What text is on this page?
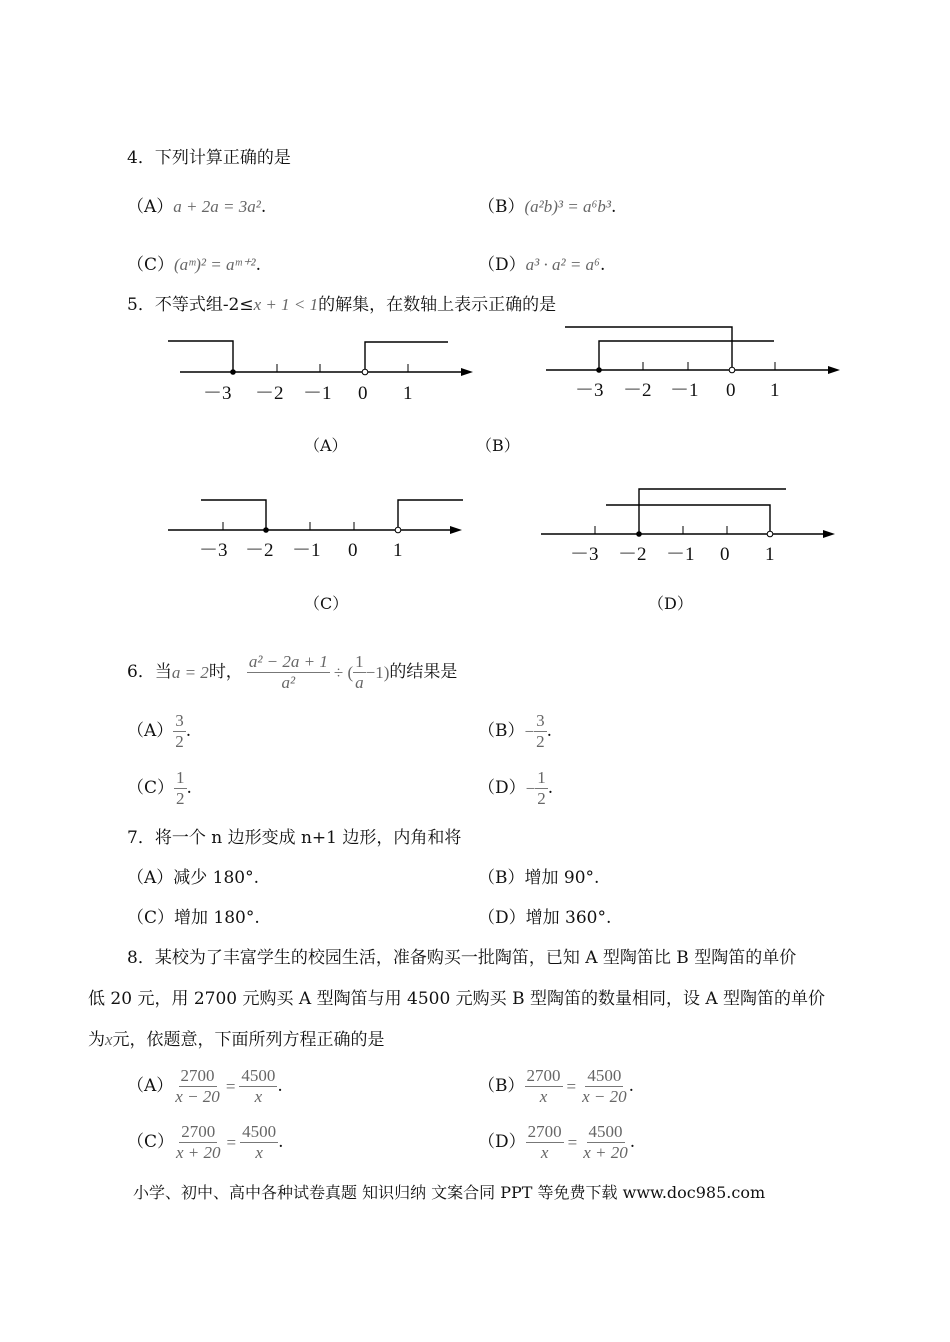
4．下列计算正确的是
（A）a + 2a = 3a².	（B）(a²b)³ = a⁶b³.
（C）(aᵐ)² = aᵐ⁺².	（D）a³ · a² = a⁶.
5．不等式组-2≤x + 1 < 1的解集，在数轴上表示正确的是
－3 －2 －1 0 1	－3 －2 －1 0 1
（A）	（B）
－3 －2 －1 0 1	－3 －2 －1 0 1
（C）	（D）
6．当 a = 2 时， $\frac{\text{a² − 2a + 1}}{\text{a²}}$ ÷ ( $\frac{1}{a} -1$) 的结果是
$(A) \frac{3}{2}$ .	$(B) - \frac{3}{2}$ .
$(C) \frac{1}{2}$ .	$(D) - \frac{1}{2}$ .
7．将一个 n 边形变成 n+1 边形，内角和将
（A）减少 180°.	（B）增加 90°.
（C）增加 180°.	（D）增加 360°.
8．某校为了丰富学生的校园生活，准备购买一批陶笛，已知 A 型陶笛比 B 型陶笛的单价
低 20 元，用 2700 元购买 A 型陶笛与用 4500 元购买 B 型陶笛的数量相同，设 A 型陶笛的单价
为x元，依题意，下面所列方程正确的是
$(A) \frac{2700}{x - 20} = \frac{4500}{x}$ .	$(B) \frac{2700}{x} = \frac{4500}{x - 20}$ .
$(C) \frac{2700}{x + 20} = \frac{4500}{x}$ .	$(D) \frac{2700}{x} = \frac{4500}{x + 20}$ .
小学、初中、高中各种试卷真题 知识归纳 文案合同 PPT 等免费下载 www.doc985.com
